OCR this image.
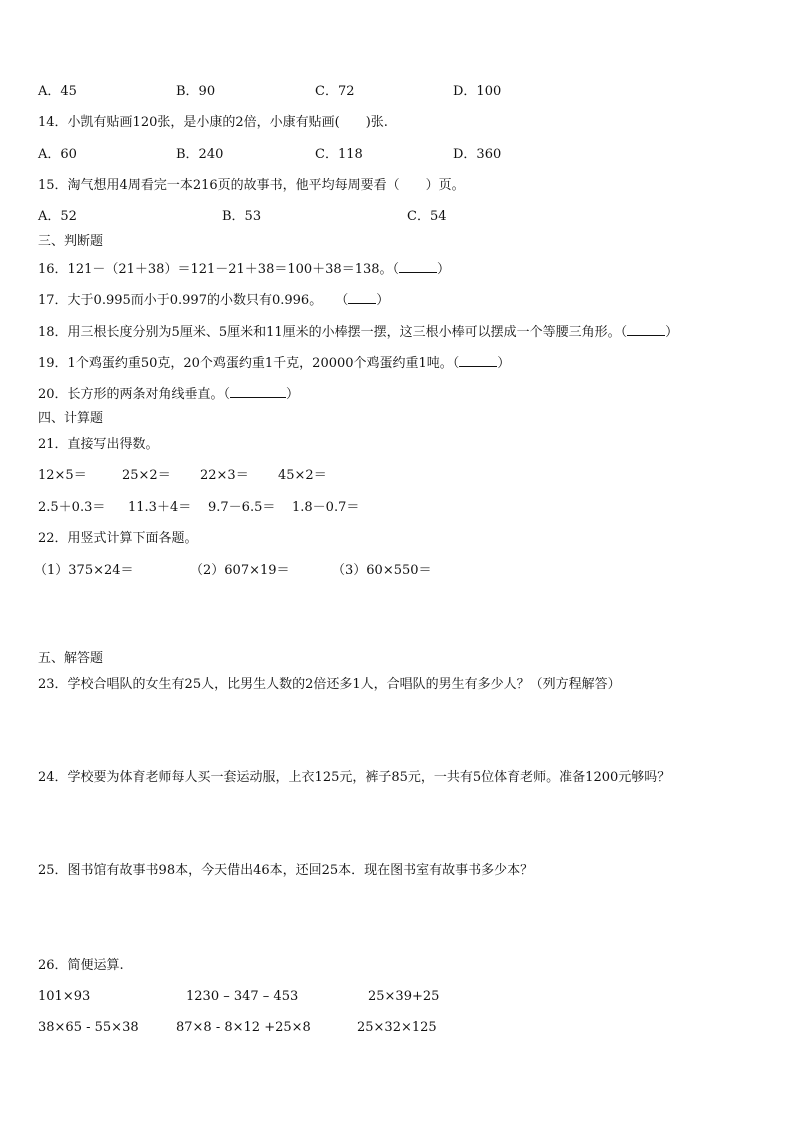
A．45	B．90	C．72	D．100
14．小凯有贴画120张，是小康的2倍，小康有贴画(　　)张.
A．60	B．240	C．118	D．360
15．淘气想用4周看完一本216页的故事书，他平均每周要看（　　）页。
A．52	B．53	C．54
三、判断题
16．121－（21＋38）＝121－21＋38＝100＋38＝138。（	）
17．大于0.995而小于0.997的小数只有0.996。　　（ ）
18．用三根长度分别为5厘米、5厘米和11厘米的小棒摆一摆，这三根小棒可以摆成一个等腰三角形。（	）
19．1个鸡蛋约重50克，20个鸡蛋约重1千克，20000个鸡蛋约重1吨。（	）
20．长方形的两条对角线垂直。（	）
四、计算题
21．直接写出得数。
12×5＝	25×2＝ 22×3＝ 45×2＝
2.5＋0.3＝ 11.3＋4＝ 9.7－6.5＝ 1.8－0.7＝
22．用竖式计算下面各题。
（1）375×24＝	（2）607×19＝	（3）60×550＝
五、解答题
23．学校合唱队的女生有25人，比男生人数的2倍还多1人，合唱队的男生有多少人？（列方程解答）
24．学校要为体育老师每人买一套运动服，上衣125元，裤子85元，一共有5位体育老师。准备1200元够吗？
25．图书馆有故事书98本，今天借出46本，还回25本．现在图书室有故事书多少本？
26．简便运算.
101×93	1230 – 347 – 453	25×39+25
38×65 - 55×38	87×8 - 8×12 +25×8	25×32×125
